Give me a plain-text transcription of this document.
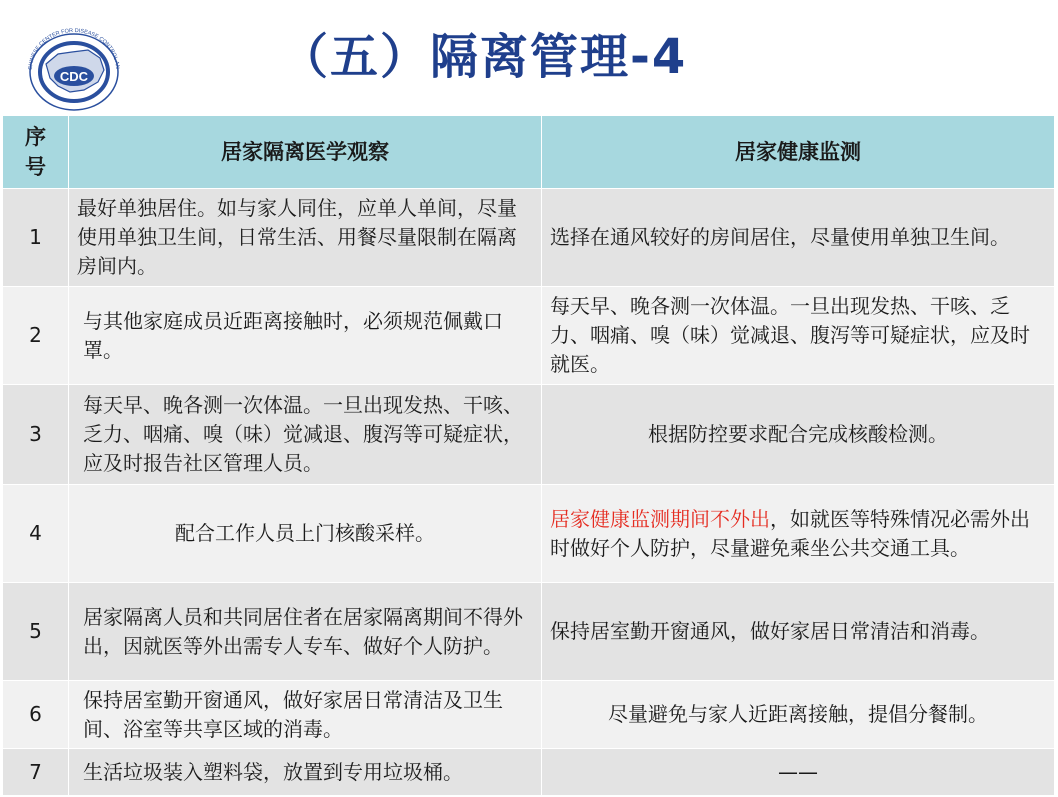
CDC
CHINESE CENTER FOR DISEASE CONTROL AN	（五）隔离管理-4
序号	居家隔离医学观察	居家健康监测
1	最好单独居住。如与家人同住，应单人单间，尽量使用单独卫生间，日常生活、用餐尽量限制在隔离房间内。	选择在通风较好的房间居住，尽量使用单独卫生间。
2	与其他家庭成员近距离接触时，必须规范佩戴口罩。	每天早、晚各测一次体温。一旦出现发热、干咳、乏力、咽痛、嗅（味）觉减退、腹泻等可疑症状，应及时就医。
3	每天早、晚各测一次体温。一旦出现发热、干咳、乏力、咽痛、嗅（味）觉减退、腹泻等可疑症状，应及时报告社区管理人员。	根据防控要求配合完成核酸检测。
4	配合工作人员上门核酸采样。	居家健康监测期间不外出，如就医等特殊情况必需外出时做好个人防护，尽量避免乘坐公共交通工具。
5	居家隔离人员和共同居住者在居家隔离期间不得外出，因就医等外出需专人专车、做好个人防护。	保持居室勤开窗通风，做好家居日常清洁和消毒。
6	保持居室勤开窗通风，做好家居日常清洁及卫生间、浴室等共享区域的消毒。	尽量避免与家人近距离接触，提倡分餐制。
7	生活垃圾装入塑料袋，放置到专用垃圾桶。	——
